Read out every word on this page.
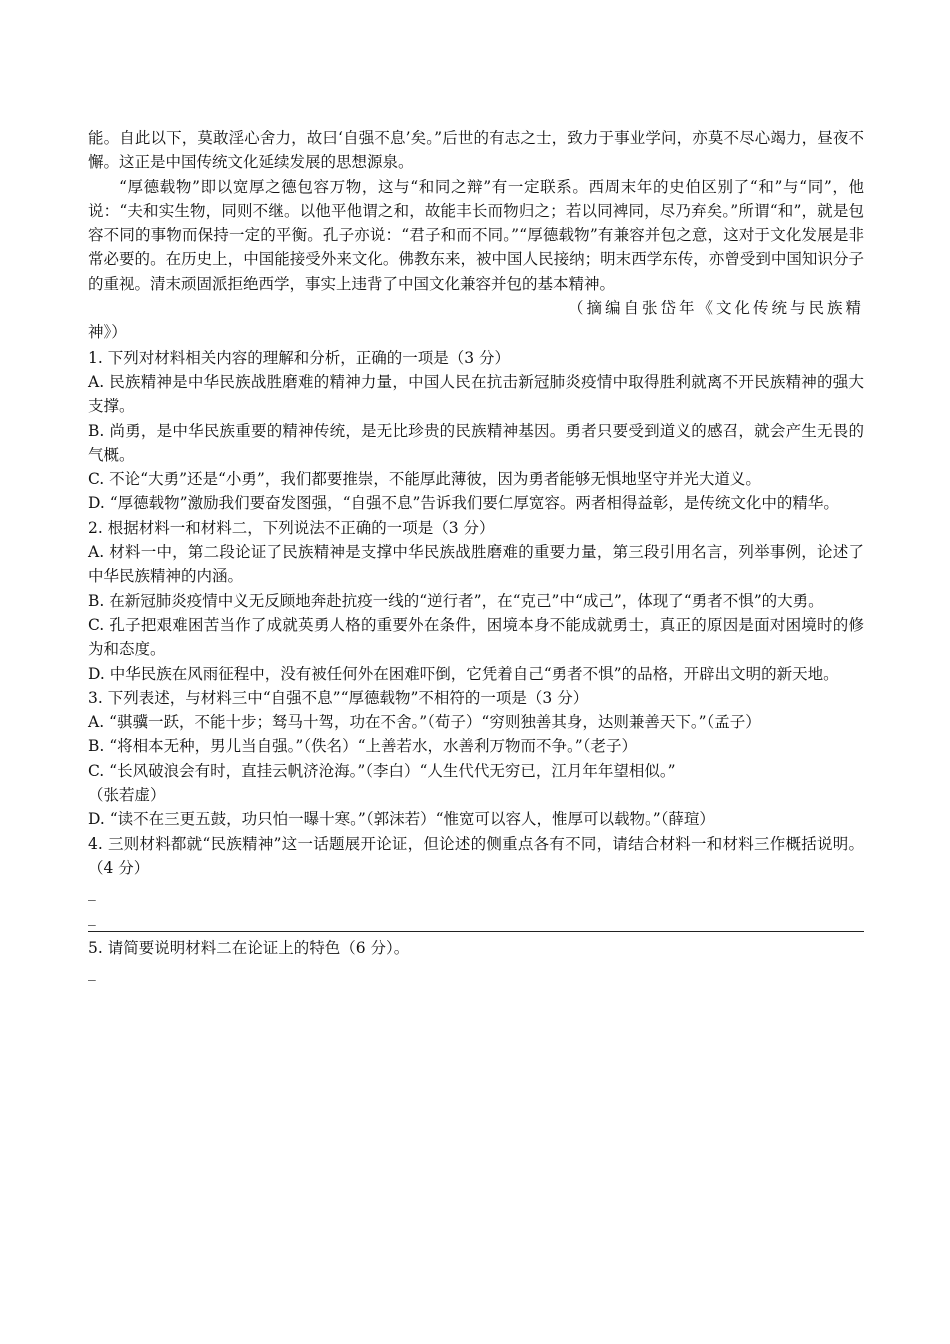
能。自此以下，莫敢淫心舍力，故曰‘自强不息’矣。”后世的有志之士，致力于事业学问，亦莫不尽心竭力，昼夜不懈。这正是中国传统文化延续发展的思想源泉。

“厚德载物”即以宽厚之德包容万物，这与“和同之辩”有一定联系。西周末年的史伯区别了“和”与“同”，他说：“夫和实生物，同则不继。以他平他谓之和，故能丰长而物归之；若以同裨同，尽乃弃矣。”所谓“和”，就是包容不同的事物而保持一定的平衡。孔子亦说：“君子和而不同。”“厚德载物”有兼容并包之意，这对于文化发展是非常必要的。在历史上，中国能接受外来文化。佛教东来，被中国人民接纳；明末西学东传，亦曾受到中国知识分子的重视。清末顽固派拒绝西学，事实上违背了中国文化兼容并包的基本精神。

（摘编自张岱年《文化传统与民族精

神》）

1. 下列对材料相关内容的理解和分析，正确的一项是（3 分）

A. 民族精神是中华民族战胜磨难的精神力量，中国人民在抗击新冠肺炎疫情中取得胜利就离不开民族精神的强大支撑。

B. 尚勇，是中华民族重要的精神传统，是无比珍贵的民族精神基因。勇者只要受到道义的感召，就会产生无畏的气概。

C. 不论“大勇”还是“小勇”，我们都要推崇，不能厚此薄彼，因为勇者能够无惧地坚守并光大道义。

D. “厚德载物”激励我们要奋发图强，“自强不息”告诉我们要仁厚宽容。两者相得益彰，是传统文化中的精华。

2. 根据材料一和材料二，下列说法不正确的一项是（3 分）

A. 材料一中，第二段论证了民族精神是支撑中华民族战胜磨难的重要力量，第三段引用名言，列举事例，论述了中华民族精神的内涵。

B. 在新冠肺炎疫情中义无反顾地奔赴抗疫一线的“逆行者”，在“克己”中“成己”，体现了“勇者不惧”的大勇。

C. 孔子把艰难困苦当作了成就英勇人格的重要外在条件，困境本身不能成就勇士，真正的原因是面对困境时的修为和态度。

D. 中华民族在风雨征程中，没有被任何外在困难吓倒，它凭着自己“勇者不惧”的品格，开辟出文明的新天地。

3. 下列表述，与材料三中“自强不息”“厚德载物”不相符的一项是（3 分）

A. “骐骥一跃，不能十步；驽马十驾，功在不舍。”（荀子）“穷则独善其身，达则兼善天下。”（孟子）

B. “将相本无种，男儿当自强。”（佚名）“上善若水，水善利万物而不争。”（老子）

C. “长风破浪会有时，直挂云帆济沧海。”（李白）“人生代代无穷已，江月年年望相似。”

（张若虚）

D. “读不在三更五鼓，功只怕一曝十寒。”（郭沫若）“惟宽可以容人，惟厚可以载物。”（薛瑄）

4. 三则材料都就“民族精神”这一话题展开论证，但论述的侧重点各有不同，请结合材料一和材料三作概括说明。（4 分）

_

_

5. 请简要说明材料二在论证上的特色（6 分）。

_
